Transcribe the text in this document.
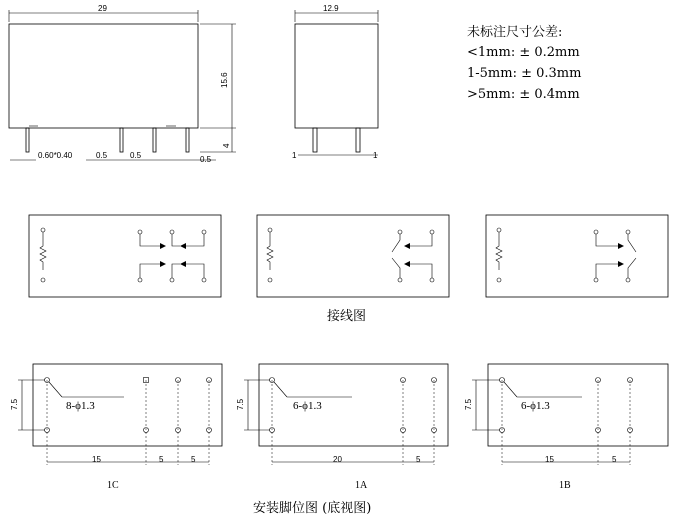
29
15.6
4
0.60*0.40	0.5	0.5	0.5
12.9
1	1
未标注尺寸公差:
<1mm: ± 0.2mm
1-5mm: ± 0.3mm
>5mm: ± 0.4mm
接线图
7.5	8-ϕ1.3
15	5	5
1C
7.5	6-ϕ1.3
20	5
1A
7.5	6-ϕ1.3
15	5
1B
安装脚位图 (底视图)
